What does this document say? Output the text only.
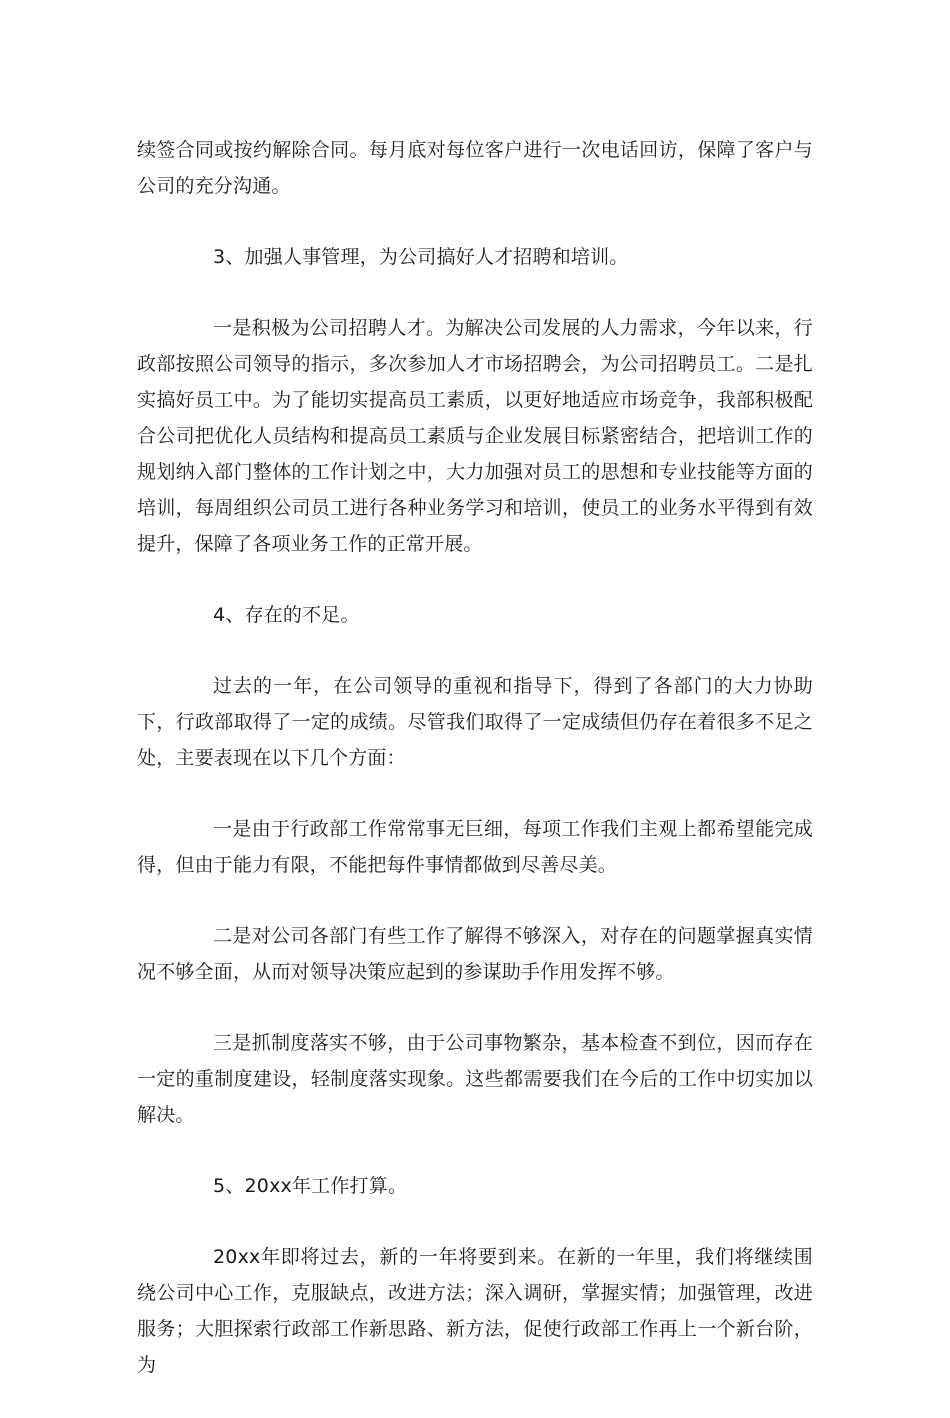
续签合同或按约解除合同。每月底对每位客户进行一次电话回访，保障了客户与公司的充分沟通。

3、加强人事管理，为公司搞好人才招聘和培训。

一是积极为公司招聘人才。为解决公司发展的人力需求，今年以来，行政部按照公司领导的指示，多次参加人才市场招聘会，为公司招聘员工。二是扎实搞好员工中。为了能切实提高员工素质，以更好地适应市场竞争，我部积极配合公司把优化人员结构和提高员工素质与企业发展目标紧密结合，把培训工作的规划纳入部门整体的工作计划之中，大力加强对员工的思想和专业技能等方面的培训，每周组织公司员工进行各种业务学习和培训，使员工的业务水平得到有效提升，保障了各项业务工作的正常开展。

4、存在的不足。

过去的一年，在公司领导的重视和指导下，得到了各部门的大力协助下，行政部取得了一定的成绩。尽管我们取得了一定成绩但仍存在着很多不足之处，主要表现在以下几个方面：

一是由于行政部工作常常事无巨细，每项工作我们主观上都希望能完成得，但由于能力有限，不能把每件事情都做到尽善尽美。

二是对公司各部门有些工作了解得不够深入，对存在的问题掌握真实情况不够全面，从而对领导决策应起到的参谋助手作用发挥不够。

三是抓制度落实不够，由于公司事物繁杂，基本检查不到位，因而存在一定的重制度建设，轻制度落实现象。这些都需要我们在今后的工作中切实加以解决。

5、20xx年工作打算。

20xx年即将过去，新的一年将要到来。在新的一年里，我们将继续围绕公司中心工作，克服缺点，改进方法；深入调研，掌握实情；加强管理，改进服务；大胆探索行政部工作新思路、新方法，促使行政部工作再上一个新台阶，为
